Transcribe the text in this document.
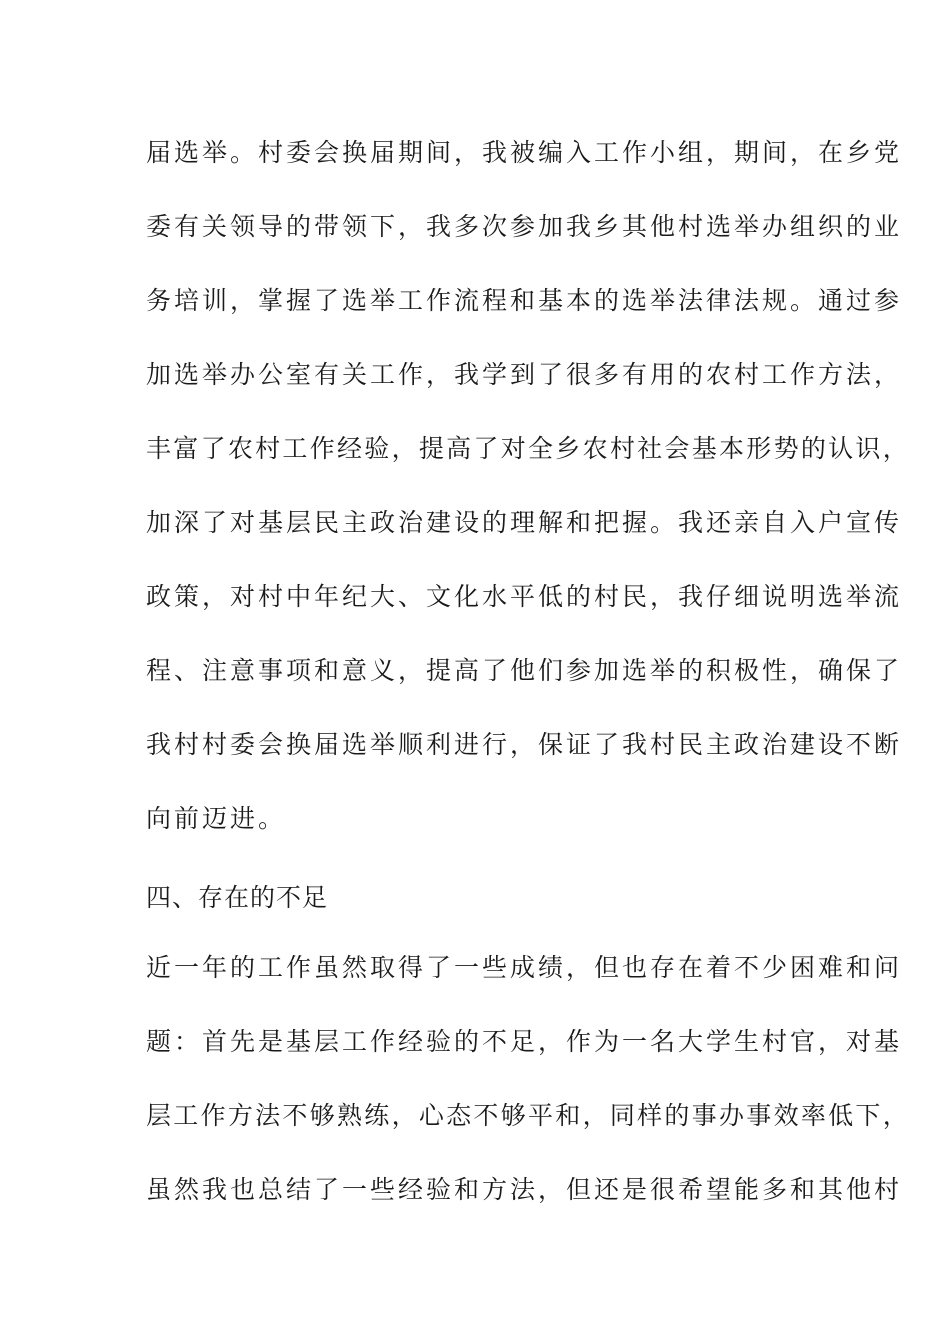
届选举。村委会换届期间，我被编入工作小组，期间，在乡党
委有关领导的带领下，我多次参加我乡其他村选举办组织的业
务培训，掌握了选举工作流程和基本的选举法律法规。通过参
加选举办公室有关工作，我学到了很多有用的农村工作方法，
丰富了农村工作经验，提高了对全乡农村社会基本形势的认识，
加深了对基层民主政治建设的理解和把握。我还亲自入户宣传
政策，对村中年纪大、文化水平低的村民，我仔细说明选举流
程、注意事项和意义，提高了他们参加选举的积极性，确保了
我村村委会换届选举顺利进行，保证了我村民主政治建设不断
向前迈进。
四、存在的不足
近一年的工作虽然取得了一些成绩，但也存在着不少困难和问
题：首先是基层工作经验的不足，作为一名大学生村官，对基
层工作方法不够熟练，心态不够平和，同样的事办事效率低下，
虽然我也总结了一些经验和方法，但还是很希望能多和其他村
